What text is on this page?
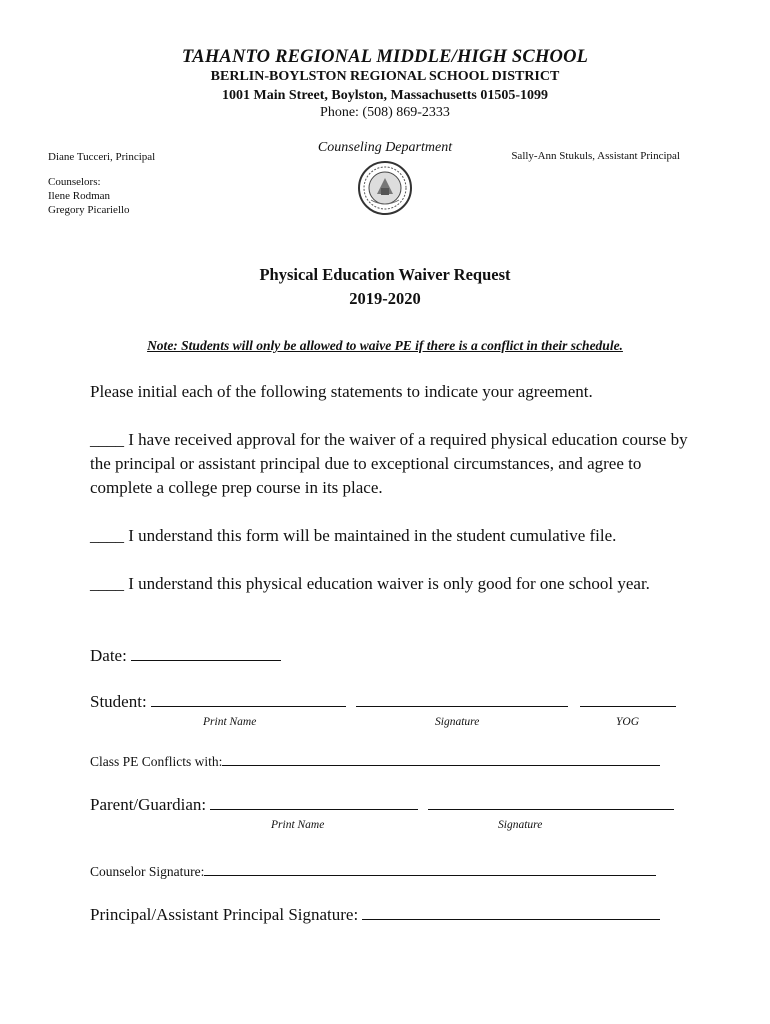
TAHANTO REGIONAL MIDDLE/HIGH SCHOOL
BERLIN-BOYLSTON REGIONAL SCHOOL DISTRICT
1001 Main Street, Boylston, Massachusetts 01505-1099
Phone: (508) 869-2333
Diane Tucceri, Principal
Counseling Department
Sally-Ann Stukuls, Assistant Principal
Counselors:
Ilene Rodman
Gregory Picariello
Physical Education Waiver Request
2019-2020
Note: Students will only be allowed to waive PE if there is a conflict in their schedule.
Please initial each of the following statements to indicate your agreement.
____ I have received approval for the waiver of a required physical education course by the principal or assistant principal due to exceptional circumstances, and agree to complete a college prep course in its place.
____ I understand this form will be maintained in the student cumulative file.
____ I understand this physical education waiver is only good for one school year.
Date:
Student:
Print Name	Signature	YOG
Class PE Conflicts with:
Parent/Guardian:
Print Name	Signature
Counselor Signature:
Principal/Assistant Principal Signature:
